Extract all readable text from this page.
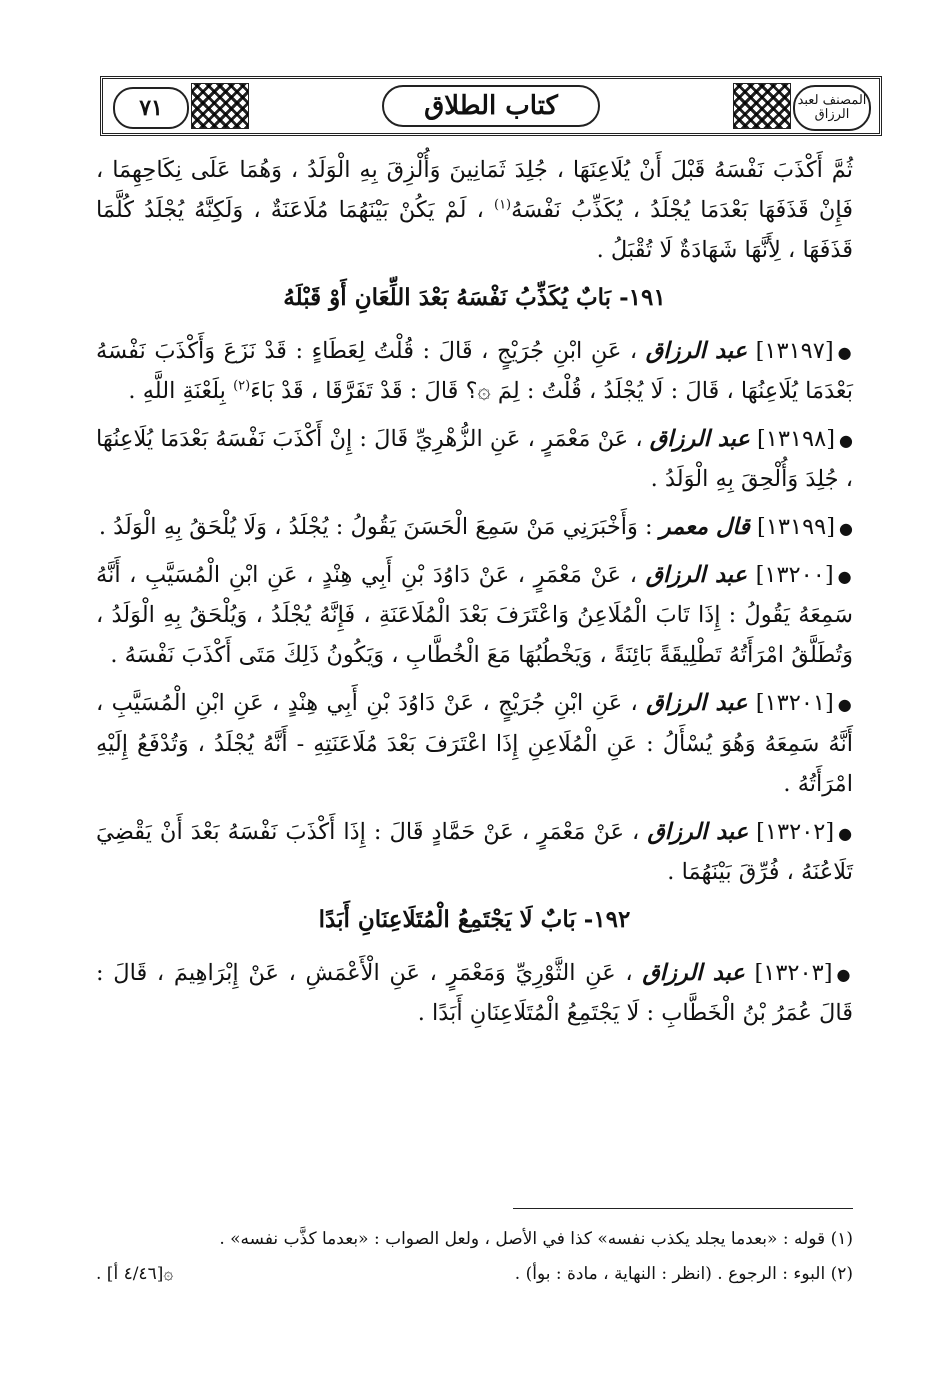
المصنف لعبد الرزاق
كتاب الطلاق
٧١

ثُمَّ أَكْذَبَ نَفْسَهُ قَبْلَ أَنْ يُلَاعِنَهَا ، جُلِدَ ثَمَانِينَ وَأُلْزِقَ بِهِ الْوَلَدُ ، وَهُمَا عَلَى نِكَاحِهِمَا ، فَإِنْ قَذَفَهَا بَعْدَمَا يُجْلَدُ ، يُكَذِّبُ نَفْسَهُ$^{(١)}$ ، لَمْ يَكُنْ بَيْنَهُمَا مُلَاعَنَةٌ ، وَلَكِنَّهُ يُجْلَدُ كُلَّمَا قَذَفَهَا ، لِأَنَّهَا شَهَادَةٌ لَا تُقْبَلُ .

١٩١- بَابٌ يُكَذِّبُ نَفْسَهُ بَعْدَ اللِّعَانِ أَوْ قَبْلَهُ

●[١٣١٩٧] عبد الرزاق ، عَنِ ابْنِ جُرَيْجٍ ، قَالَ : قُلْتُ لِعَطَاءٍ : قَدْ نَزَعَ وَأَكْذَبَ نَفْسَهُ بَعْدَمَا يُلَاعِنُهَا ، قَالَ : لَا يُجْلَدُ ، قُلْتُ : لِمَ ۞؟ قَالَ : قَدْ تَفَرَّقَا ، قَدْ بَاءَ$^{(٢)}$ بِلَعْنَةِ اللَّهِ .

●[١٣١٩٨] عبد الرزاق ، عَنْ مَعْمَرٍ ، عَنِ الزُّهْرِيِّ قَالَ : إِنْ أَكْذَبَ نَفْسَهُ بَعْدَمَا يُلَاعِنُهَا ، جُلِدَ وَأُلْحِقَ بِهِ الْوَلَدُ .

●[١٣١٩٩] قال معمر : وَأَخْبَرَنِي مَنْ سَمِعَ الْحَسَنَ يَقُولُ : يُجْلَدُ ، وَلَا يُلْحَقُ بِهِ الْوَلَدُ .

●[١٣٢٠٠] عبد الرزاق ، عَنْ مَعْمَرٍ ، عَنْ دَاوُدَ بْنِ أَبِي هِنْدٍ ، عَنِ ابْنِ الْمُسَيَّبِ ، أَنَّهُ سَمِعَهُ يَقُولُ : إِذَا تَابَ الْمُلَاعِنُ وَاعْتَرَفَ بَعْدَ الْمُلَاعَنَةِ ، فَإِنَّهُ يُجْلَدُ ، وَيُلْحَقُ بِهِ الْوَلَدُ ، وَتُطَلَّقُ امْرَأَتُهُ تَطْلِيقَةً بَائِنَةً ، وَيَخْطُبُهَا مَعَ الْخُطَّابِ ، وَيَكُونُ ذَلِكَ مَتَى أَكْذَبَ نَفْسَهُ .

●[١٣٢٠١] عبد الرزاق ، عَنِ ابْنِ جُرَيْجٍ ، عَنْ دَاوُدَ بْنِ أَبِي هِنْدٍ ، عَنِ ابْنِ الْمُسَيَّبِ ، أَنَّهُ سَمِعَهُ وَهُوَ يُسْأَلُ : عَنِ الْمُلَاعِنِ إِذَا اعْتَرَفَ بَعْدَ مُلَاعَنَتِهِ - أَنَّهُ يُجْلَدُ ، وَتُدْفَعُ إِلَيْهِ امْرَأَتُهُ .

●[١٣٢٠٢] عبد الرزاق ، عَنْ مَعْمَرٍ ، عَنْ حَمَّادٍ قَالَ : إِذَا أَكْذَبَ نَفْسَهُ بَعْدَ أَنْ يَقْضِيَ تَلَاعُنَهُ ، فُرِّقَ بَيْنَهُمَا .

١٩٢- بَابٌ لَا يَجْتَمِعُ الْمُتَلَاعِنَانِ أَبَدًا

●[١٣٢٠٣] عبد الرزاق ، عَنِ الثَّوْرِيِّ وَمَعْمَرٍ ، عَنِ الْأَعْمَشِ ، عَنْ إِبْرَاهِيمَ ، قَالَ : قَالَ عُمَرُ بْنُ الْخَطَّابِ : لَا يَجْتَمِعُ الْمُتَلَاعِنَانِ أَبَدًا .

(١) قوله : «بعدما يجلد يكذب نفسه» كذا في الأصل ، ولعل الصواب : «بعدما كذَّب نفسه» .

(٢) البوء : الرجوع . (انظر : النهاية ، مادة : بوأ) .
۞[٤/٤٦ أ] .
